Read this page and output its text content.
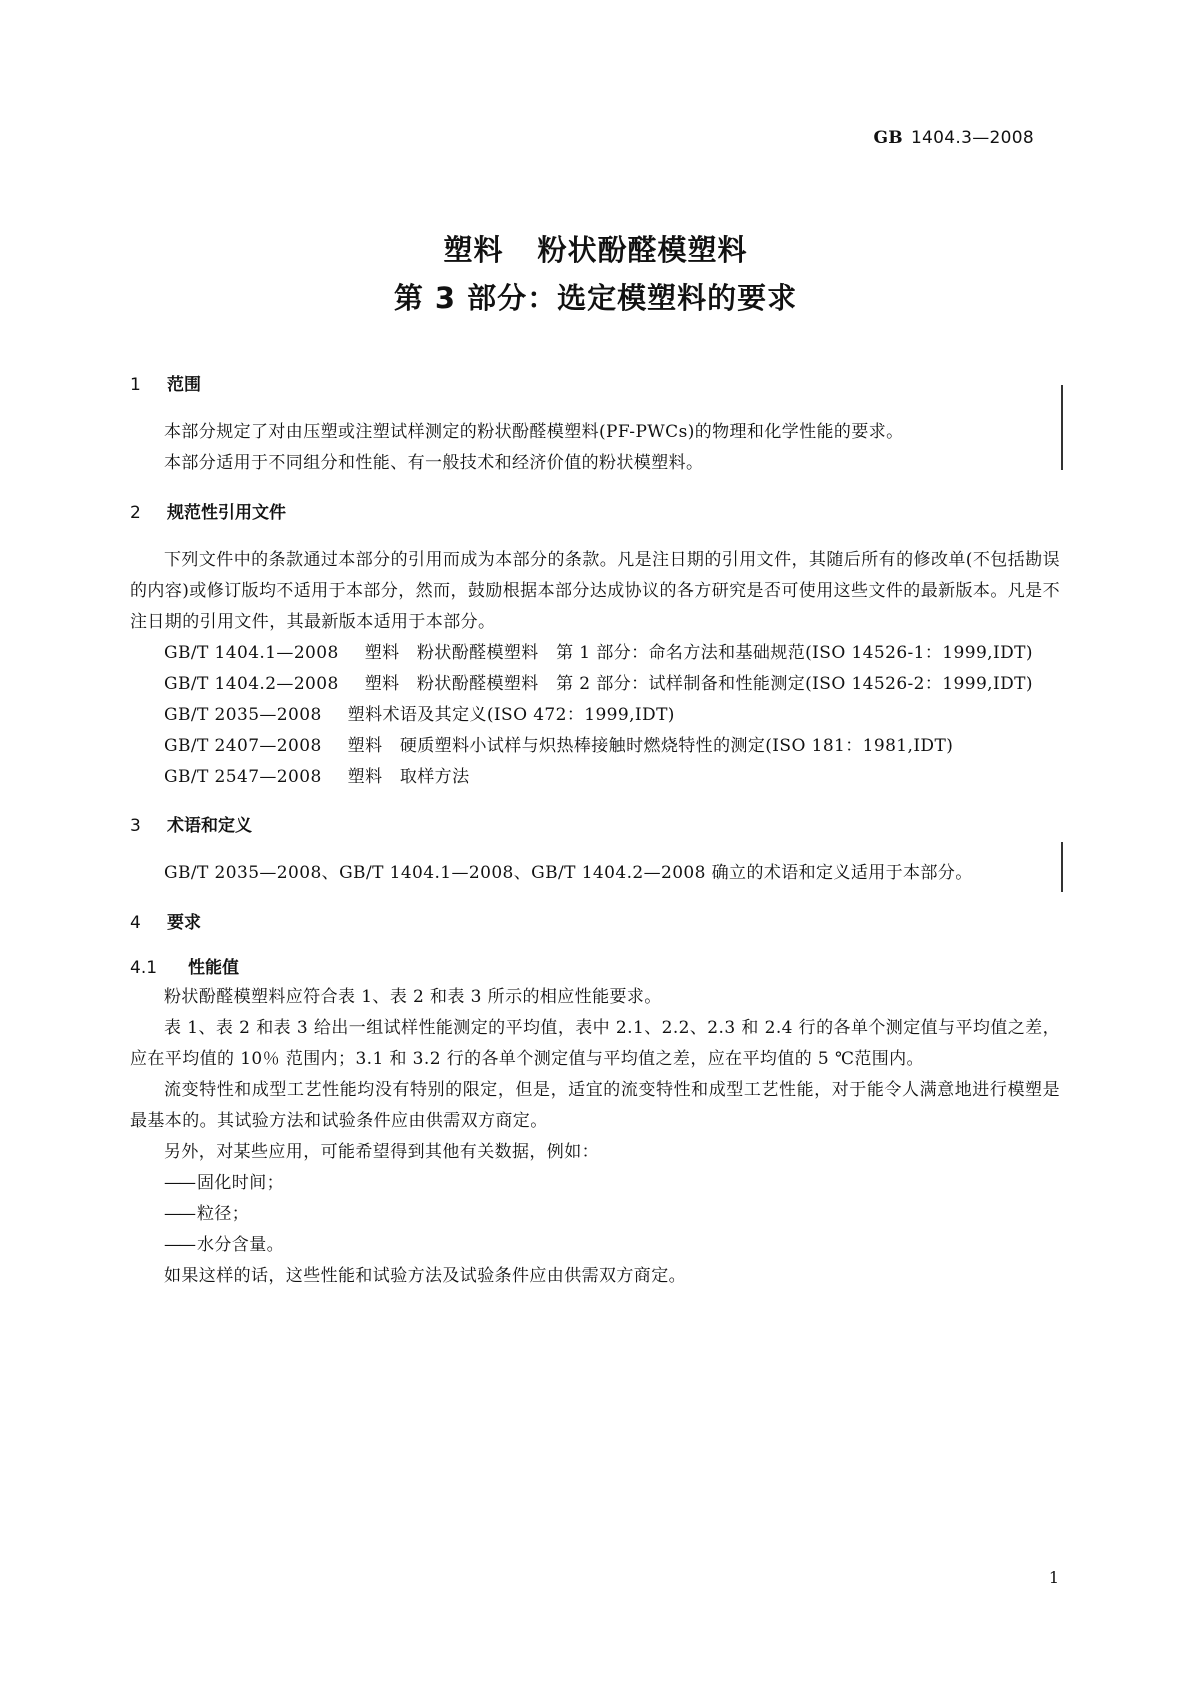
GB 1404.3—2008
塑料 粉状酚醛模塑料
第 3 部分：选定模塑料的要求

1 范围

本部分规定了对由压塑或注塑试样测定的粉状酚醛模塑料(PF-PWCs)的物理和化学性能的要求。

本部分适用于不同组分和性能、有一般技术和经济价值的粉状模塑料。

2 规范性引用文件

下列文件中的条款通过本部分的引用而成为本部分的条款。凡是注日期的引用文件，其随后所有的修改单(不包括勘误的内容)或修订版均不适用于本部分，然而，鼓励根据本部分达成协议的各方研究是否可使用这些文件的最新版本。凡是不注日期的引用文件，其最新版本适用于本部分。

GB/T 1404.1—2008 塑料　粉状酚醛模塑料　第 1 部分：命名方法和基础规范(ISO 14526-1：1999,IDT)

GB/T 1404.2—2008 塑料　粉状酚醛模塑料　第 2 部分：试样制备和性能测定(ISO 14526-2：1999,IDT)

GB/T 2035—2008 塑料术语及其定义(ISO 472：1999,IDT)

GB/T 2407—2008 塑料　硬质塑料小试样与炽热棒接触时燃烧特性的测定(ISO 181：1981,IDT)

GB/T 2547—2008 塑料　取样方法

3 术语和定义

GB/T 2035—2008、GB/T 1404.1—2008、GB/T 1404.2—2008 确立的术语和定义适用于本部分。

4 要求

4.1 性能值

粉状酚醛模塑料应符合表 1、表 2 和表 3 所示的相应性能要求。

表 1、表 2 和表 3 给出一组试样性能测定的平均值，表中 2.1、2.2、2.3 和 2.4 行的各单个测定值与平均值之差，应在平均值的 10％ 范围内；3.1 和 3.2 行的各单个测定值与平均值之差，应在平均值的 5 ℃范围内。

流变特性和成型工艺性能均没有特别的限定，但是，适宜的流变特性和成型工艺性能，对于能令人满意地进行模塑是最基本的。其试验方法和试验条件应由供需双方商定。

另外，对某些应用，可能希望得到其他有关数据，例如：

—— 固化时间；

—— 粒径；

—— 水分含量。

如果这样的话，这些性能和试验方法及试验条件应由供需双方商定。

1
